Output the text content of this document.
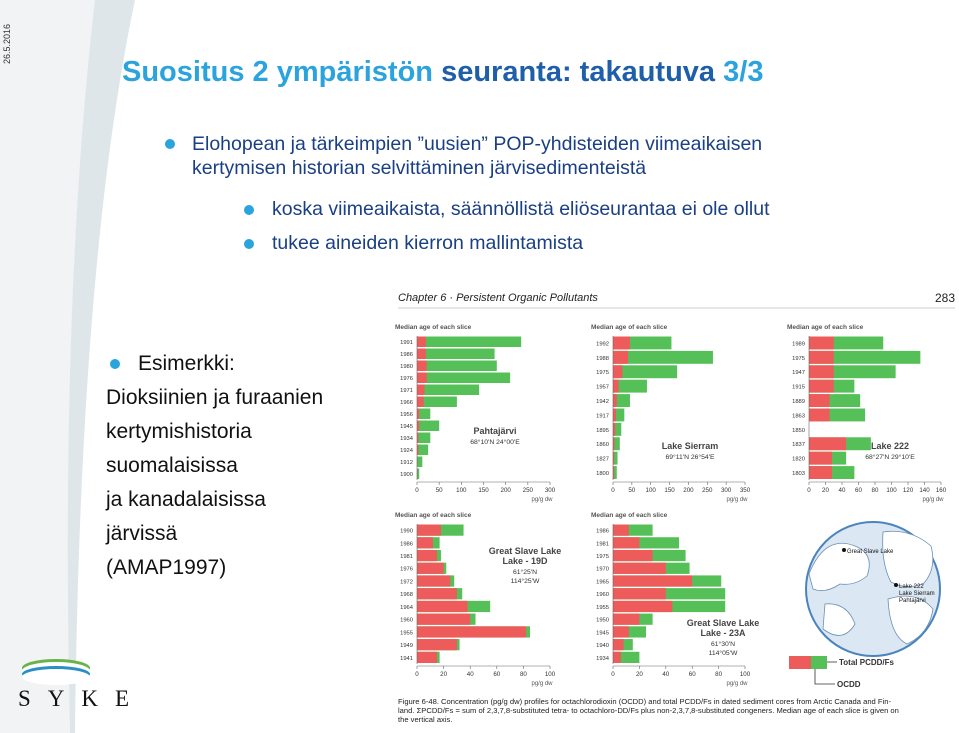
26.5.2016
Suositus 2 ympäristön seuranta: takautuva 3/3
Elohopean ja tärkeimpien ”uusien” POP-yhdisteiden viimeaikaisen
kertymisen historian selvittäminen järvisedimenteistä
koska viimeaikaista, säännöllistä eliöseurantaa ei ole ollut
tukee aineiden kierron mallintamista
Esimerkki:
Dioksiinien ja furaanien
kertymishistoria
suomalaisissa
ja kanadalaisissa
järvissä
(AMAP1997)
Chapter 6 · Persistent Organic Pollutants	283
Median age of each slice
1991
1986
1980
1976
1971
1966
1956
1945
1934
1924
1912
1900
0	50 100 150 200 250 300
pg/g dw
Pahtajärvi
68°10'N 24°00'E
Median age of each slice
1992
1988
1975
1957
1942
1917
1895
1860
1827
1800
0 50 100 150 200 250 300 350
pg/g dw
Lake Sierram
69°11'N 26°54'E
Median age of each slice
1989
1975
1947
1915
1889
1863
1850
1837
1820
1803
0 20 40 60 80 100 120 140 160
pg/g dw
Lake 222
68°27'N 29°10'E
Median age of each slice
1990
1986
1981
1976
1972
1968
1964
1960
1955
1949
1941
0	20	40	60	80	100
pg/g dw
Great Slave Lake
Lake - 19D
61°25'N
114°25'W
Median age of each slice
1986
1981
1975
1970
1965
1960
1955
1950
1945
1940
1934
0	20	40	60	80	100
pg/g dw
Great Slave Lake
Lake - 23A
61°30'N
114°05'W
Great Slave Lake
Lake 222
Lake Sierram
Pahtajärvi
Total PCDD/Fs
OCDD
Figure 6-48. Concentration (pg/g dw) profiles for octachlorodioxin (OCDD) and total PCDD/Fs in dated sediment cores from Arctic Canada and Fin-
land. ΣPCDD/Fs = sum of 2,3,7,8-substituted tetra- to octachloro-DD/Fs plus non-2,3,7,8-substituted congeners. Median age of each slice is given on
the vertical axis.
SYKE
